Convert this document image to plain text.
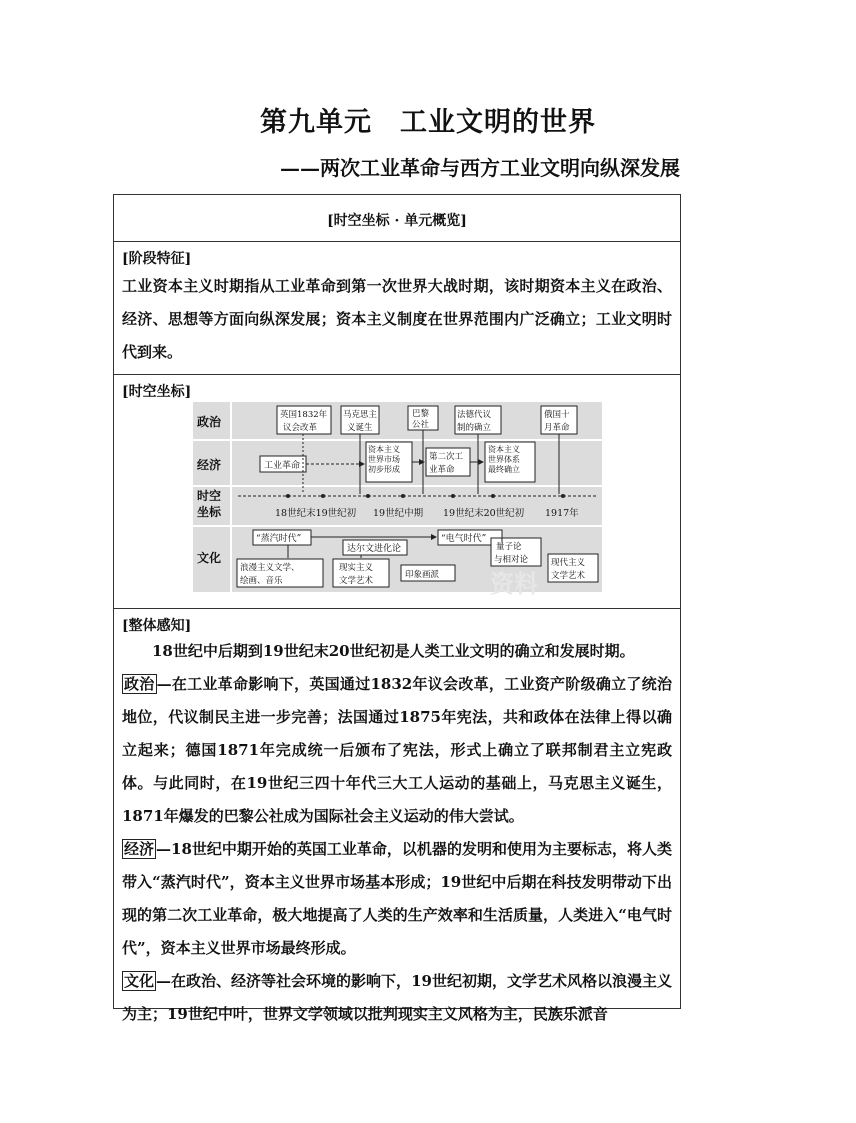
第九单元　工业文明的世界
——两次工业革命与西方工业文明向纵深发展
[时空坐标 · 单元概览]
[阶段特征]

工业资本主义时期指从工业革命到第一次世界大战时期，该时期资本主义在政治、经济、思想等方面向纵深发展；资本主义制度在世界范围内广泛确立；工业文明时代到来。

[时空坐标]
政治
经济
时空
坐标
文化
18世纪末19世纪初 19世纪中期 19世纪末20世纪初 1917年
英国1832年
议会改革
马克思主
义诞生
巴黎
公社
法德代议
制的确立
俄国十
月革命
工业革命
资本主义
世界市场
初步形成
第二次工
业革命
资本主义
世界体系
最终确立
“蒸汽时代”
达尔文进化论
“电气时代”
浪漫主义文学、
绘画、音乐
现实主义
文学艺术
印象画派
量子论
与相对论	现代主义
文学艺术
[整体感知]

18世纪中后期到19世纪末20世纪初是人类工业文明的确立和发展时期。

政治 —在工业革命影响下，英国通过1832年议会改革，工业资产阶级确立了统治地位，代议制民主进一步完善；法国通过1875年宪法，共和政体在法律上得以确立起来；德国1871年完成统一后颁布了宪法，形式上确立了联邦制君主立宪政体。与此同时，在19世纪三四十年代三大工人运动的基础上，马克思主义诞生，1871年爆发的巴黎公社成为国际社会主义运动的伟大尝试。

经济 —18世纪中期开始的英国工业革命，以机器的发明和使用为主要标志，将人类带入“蒸汽时代”，资本主义世界市场基本形成；19世纪中后期在科技发明带动下出现的第二次工业革命，极大地提高了人类的生产效率和生活质量，人类进入“电气时代”，资本主义世界市场最终形成。

文化 —在政治、经济等社会环境的影响下，19世纪初期，文学艺术风格以浪漫主义为主；19世纪中叶，世界文学领域以批判现实主义风格为主，民族乐派音

资料
